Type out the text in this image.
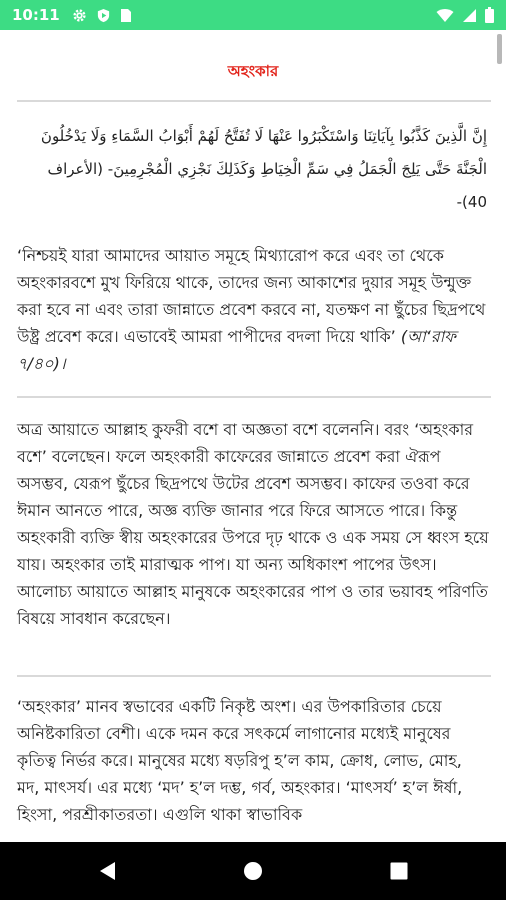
10:11
অহংকার
إِنَّ الَّذِينَ كَذَّبُوا بِآيَاتِنَا وَاسْتَكْبَرُوا عَنْهَا لَا تُفَتَّحُ لَهُمْ أَبْوَابُ السَّمَاءِ وَلَا يَدْخُلُونَ الْجَنَّةَ حَتَّى يَلِجَ الْجَمَلُ فِي سَمِّ الْخِيَاطِ وَكَذَلِكَ نَجْزِي الْمُجْرِمِينَ- (الأعراف 40)-
‘নিশ্চয়ই যারা আমাদের আয়াত সমূহে মিথ্যারোপ করে এবং তা থেকে অহংকারবশে মুখ ফিরিয়ে থাকে, তাদের জন্য আকাশের দুয়ার সমূহ উন্মুক্ত করা হবে না এবং তারা জান্নাতে প্রবেশ করবে না, যতক্ষণ না ছুঁচের ছিদ্রপথে উষ্ট্র প্রবেশ করে। এভাবেই আমরা পাপীদের বদলা দিয়ে থাকি’ (আ‘রাফ ৭/৪০)।
অত্র আয়াতে আল্লাহ কুফরী বশে বা অজ্ঞতা বশে বলেননি। বরং ‘অহংকার বশে’ বলেছেন। ফলে অহংকারী কাফেরের জান্নাতে প্রবেশ করা ঐরূপ অসম্ভব, যেরূপ ছুঁচের ছিদ্রপথে উটের প্রবেশ অসম্ভব। কাফের তওবা করে ঈমান আনতে পারে, অজ্ঞ ব্যক্তি জানার পরে ফিরে আসতে পারে। কিন্তু অহংকারী ব্যক্তি স্বীয় অহংকারের উপরে দৃঢ় থাকে ও এক সময় সে ধ্বংস হয়ে যায়। অহংকার তাই মারাত্মক পাপ। যা অন্য অধিকাংশ পাপের উৎস। আলোচ্য আয়াতে আল্লাহ মানুষকে অহংকারের পাপ ও তার ভয়াবহ পরিণতি বিষয়ে সাবধান করেছেন।
‘অহংকার’ মানব স্বভাবের একটি নিকৃষ্ট অংশ। এর উপকারিতার চেয়ে অনিষ্টকারিতা বেশী। একে দমন করে সৎকর্মে লাগানোর মধ্যেই মানুষের কৃতিত্ব নির্ভর করে। মানুষের মধ্যে ষড়রিপু হ’ল কাম, ক্রোধ, লোভ, মোহ, মদ, মাৎসর্য। এর মধ্যে ‘মদ’ হ’ল দম্ভ, গর্ব, অহংকার। ‘মাৎসর্য’ হ’ল ঈর্ষা, হিংসা, পরশ্রীকাতরতা। এগুলি থাকা স্বাভাবিক
